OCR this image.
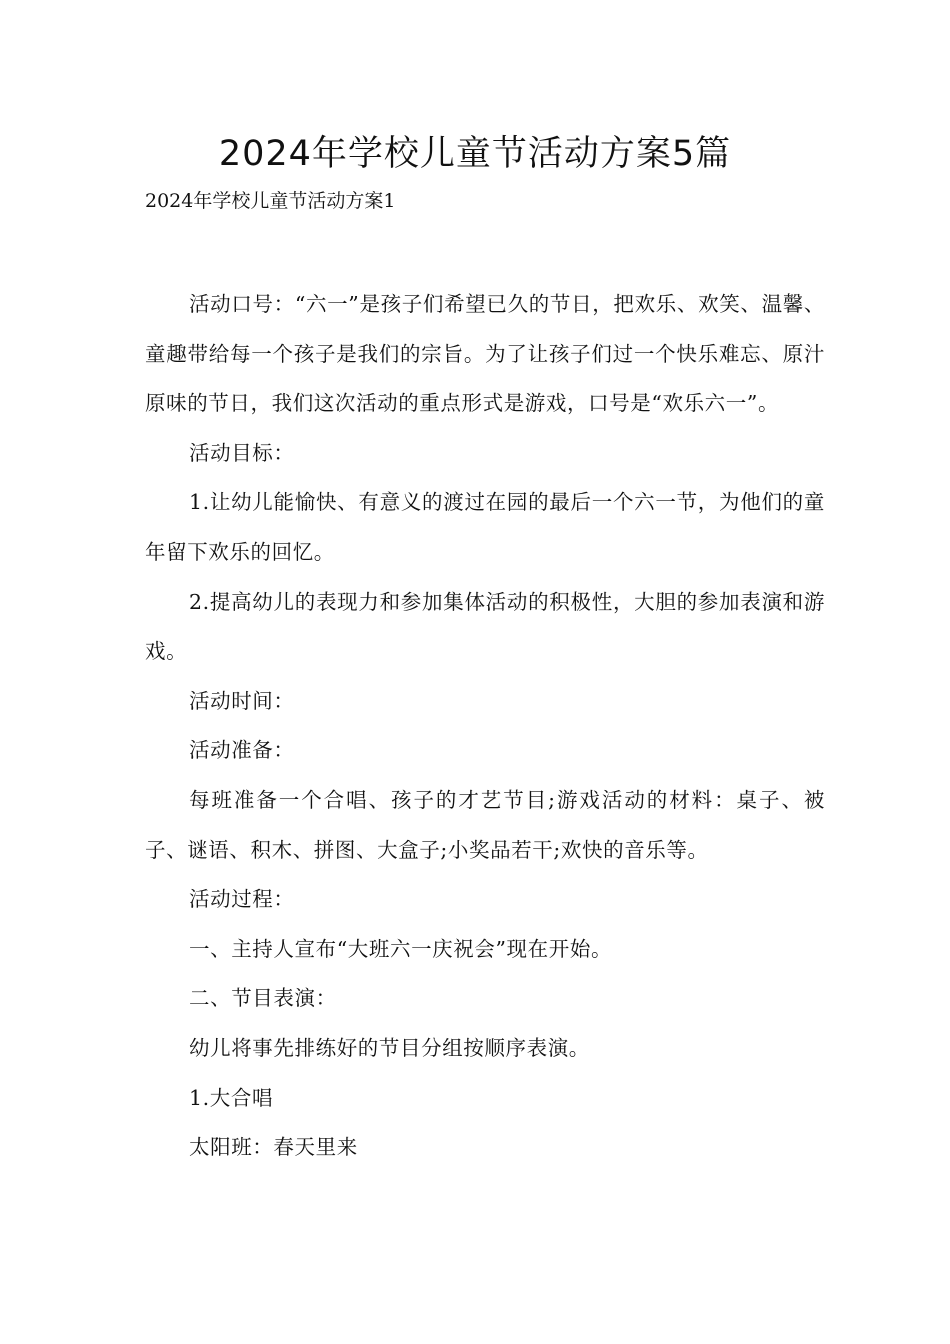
2024年学校儿童节活动方案5篇

2024年学校儿童节活动方案1

活动口号：“六一”是孩子们希望已久的节日，把欢乐、欢笑、温馨、童趣带给每一个孩子是我们的宗旨。为了让孩子们过一个快乐难忘、原汁原味的节日，我们这次活动的重点形式是游戏，口号是“欢乐六一”。

活动目标：

1.让幼儿能愉快、有意义的渡过在园的最后一个六一节，为他们的童年留下欢乐的回忆。

2.提高幼儿的表现力和参加集体活动的积极性，大胆的参加表演和游戏。

活动时间：

活动准备：

每班准备一个合唱、孩子的才艺节目;游戏活动的材料：桌子、被子、谜语、积木、拼图、大盒子;小奖品若干;欢快的音乐等。

活动过程：

一、主持人宣布“大班六一庆祝会”现在开始。

二、节目表演：

幼儿将事先排练好的节目分组按顺序表演。

1.大合唱

太阳班：春天里来
